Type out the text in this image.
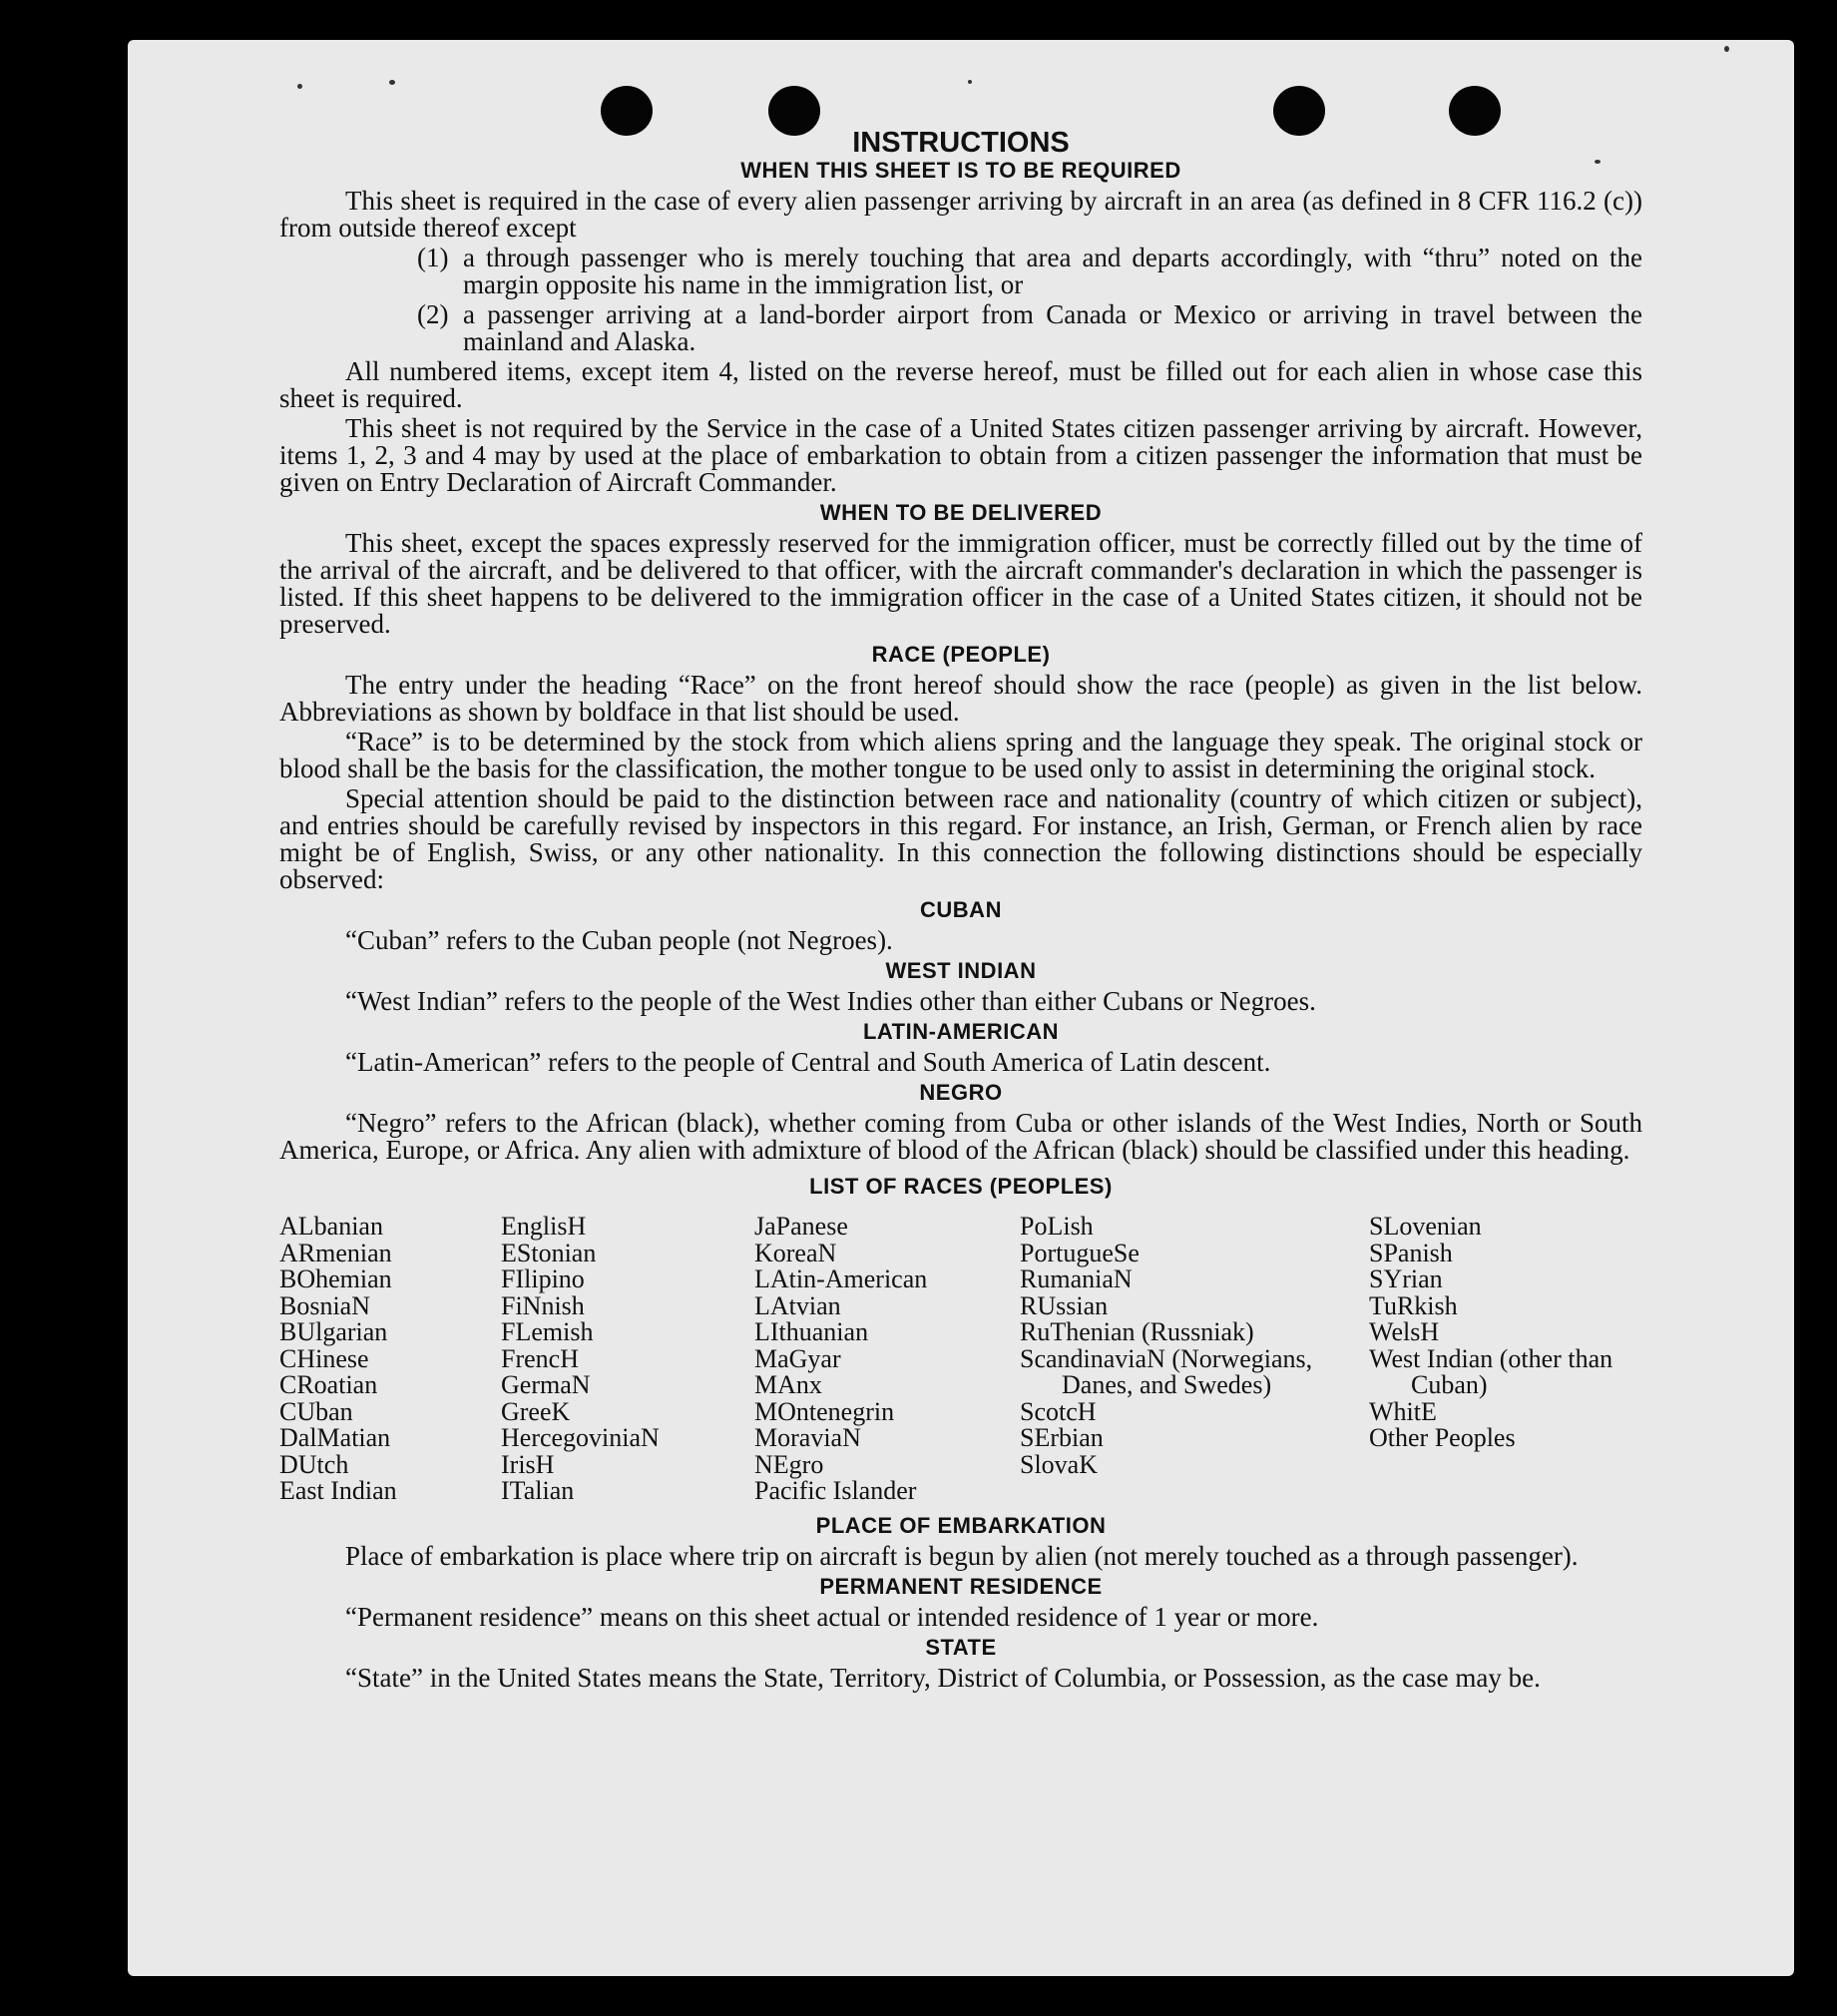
INSTRUCTIONS
WHEN THIS SHEET IS TO BE REQUIRED

This sheet is required in the case of every alien passenger arriving by aircraft in an area (as defined in 8 CFR 116.2 (c)) from outside thereof except

(1) a through passenger who is merely touching that area and departs accordingly, with “thru” noted on the margin opposite his name in the immigration list, or
(2) a passenger arriving at a land-border airport from Canada or Mexico or arriving in travel between the mainland and Alaska.

All numbered items, except item 4, listed on the reverse hereof, must be filled out for each alien in whose case this sheet is required.

This sheet is not required by the Service in the case of a United States citizen passenger arriving by aircraft. However, items 1, 2, 3 and 4 may by used at the place of embarkation to obtain from a citizen passenger the information that must be given on Entry Declaration of Aircraft Commander.

WHEN TO BE DELIVERED

This sheet, except the spaces expressly reserved for the immigration officer, must be correctly filled out by the time of the arrival of the aircraft, and be delivered to that officer, with the aircraft commander's declaration in which the passenger is listed. If this sheet happens to be delivered to the immigration officer in the case of a United States citizen, it should not be preserved.

RACE (PEOPLE)

The entry under the heading “Race” on the front hereof should show the race (people) as given in the list below. Abbreviations as shown by boldface in that list should be used.

“Race” is to be determined by the stock from which aliens spring and the language they speak. The original stock or blood shall be the basis for the classification, the mother tongue to be used only to assist in determining the original stock.

Special attention should be paid to the distinction between race and nationality (country of which citizen or subject), and entries should be carefully revised by inspectors in this regard. For instance, an Irish, German, or French alien by race might be of English, Swiss, or any other nationality. In this connection the following distinctions should be especially observed:

CUBAN

“Cuban” refers to the Cuban people (not Negroes).

WEST INDIAN

“West Indian” refers to the people of the West Indies other than either Cubans or Negroes.

LATIN-AMERICAN

“Latin-American” refers to the people of Central and South America of Latin descent.

NEGRO

“Negro” refers to the African (black), whether coming from Cuba or other islands of the West Indies, North or South America, Europe, or Africa. Any alien with admixture of blood of the African (black) should be classified under this heading.

LIST OF RACES (PEOPLES)
ALbanian
ARmenian
BOhemian
BosniaN
BUlgarian
CHinese
CRoatian
CUban
DalMatian
DUtch
East Indian
EnglisH
EStonian
FIlipino
FiNnish
FLemish
FrencH
GermaN
GreeK
HercegoviniaN
IrisH
ITalian
JaPanese
KoreaN
LAtin-American
LAtvian
LIthuanian
MaGyar
MAnx
MOntenegrin
MoraviaN
NEgro
Pacific Islander
PoLish
PortugueSe
RumaniaN
RUssian
RuThenian (Russniak)
ScandinaviaN (Norwegians, Danes, and Swedes)
ScotcH
SErbian
SlovaK
SLovenian
SPanish
SYrian
TuRkish
WelsH
West Indian (other than Cuban)
WhitE
Other Peoples
PLACE OF EMBARKATION

Place of embarkation is place where trip on aircraft is begun by alien (not merely touched as a through passenger).

PERMANENT RESIDENCE

“Permanent residence” means on this sheet actual or intended residence of 1 year or more.

STATE

“State” in the United States means the State, Territory, District of Columbia, or Possession, as the case may be.
